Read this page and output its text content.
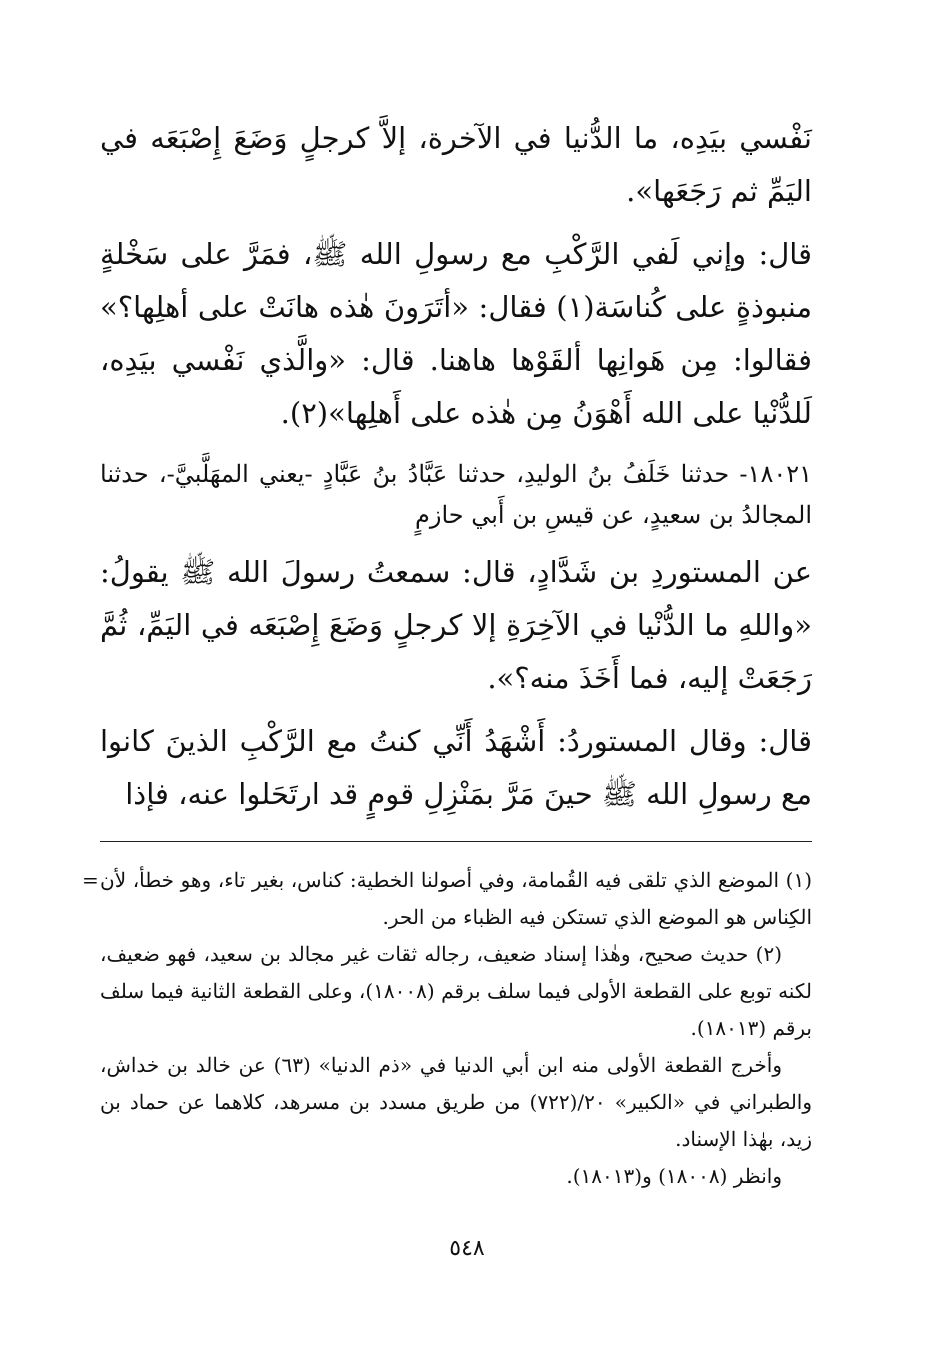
نَفْسي بيَدِه، ما الدُّنيا في الآخرة، إلاَّ كرجلٍ وَضَعَ إِصْبَعَه في اليَمِّ ثم رَجَعَها».

قال: وإني لَفي الرَّكْبِ مع رسولِ الله ﷺ، فمَرَّ على سَخْلةٍ منبوذةٍ على كُناسَة(١) فقال: «أتَرَونَ هٰذه هانَتْ على أهلِها؟» فقالوا: مِن هَوانِها ألقَوْها هاهنا. قال: «والَّذي نَفْسي بيَدِه، لَلدُّنْيا على الله أَهْوَنُ مِن هٰذه على أَهلِها»(٢).

١٨٠٢١- حدثنا خَلَفُ بنُ الوليدِ، حدثنا عَبَّادُ بنُ عَبَّادٍ -يعني المهَلَّبيَّ-، حدثنا المجالدُ بن سعيدٍ، عن قيسِ بن أَبي حازمٍ

عن المستوردِ بن شَدَّادٍ، قال: سمعتُ رسولَ الله ﷺ يقولُ: «واللهِ ما الدُّنْيا في الآخِرَةِ إلا كرجلٍ وَضَعَ إِصْبَعَه في اليَمِّ، ثُمَّ رَجَعَتْ إليه، فما أَخَذَ منه؟».

قال: وقال المستوردُ: أَشْهَدُ أَنِّي كنتُ مع الرَّكْبِ الذينَ كانوا مع رسولِ الله ﷺ حينَ مَرَّ بمَنْزِلِ قومٍ قد ارتَحَلوا عنه، فإذا

= (١) الموضع الذي تلقى فيه القُمامة، وفي أصولنا الخطية: كناس، بغير تاء، وهو خطأ، لأن الكِناس هو الموضع الذي تستكن فيه الظباء من الحر.

(٢) حديث صحيح، وهٰذا إسناد ضعيف، رجاله ثقات غير مجالد بن سعيد، فهو ضعيف، لكنه توبع على القطعة الأولى فيما سلف برقم (١٨٠٠٨)، وعلى القطعة الثانية فيما سلف برقم (١٨٠١٣).

وأخرج القطعة الأولى منه ابن أبي الدنيا في «ذم الدنيا» (٦٣) عن خالد بن خداش، والطبراني في «الكبير» ٢٠/(٧٢٢) من طريق مسدد بن مسرهد، كلاهما عن حماد بن زيد، بهٰذا الإسناد.

وانظر (١٨٠٠٨) و(١٨٠١٣).

٥٤٨
